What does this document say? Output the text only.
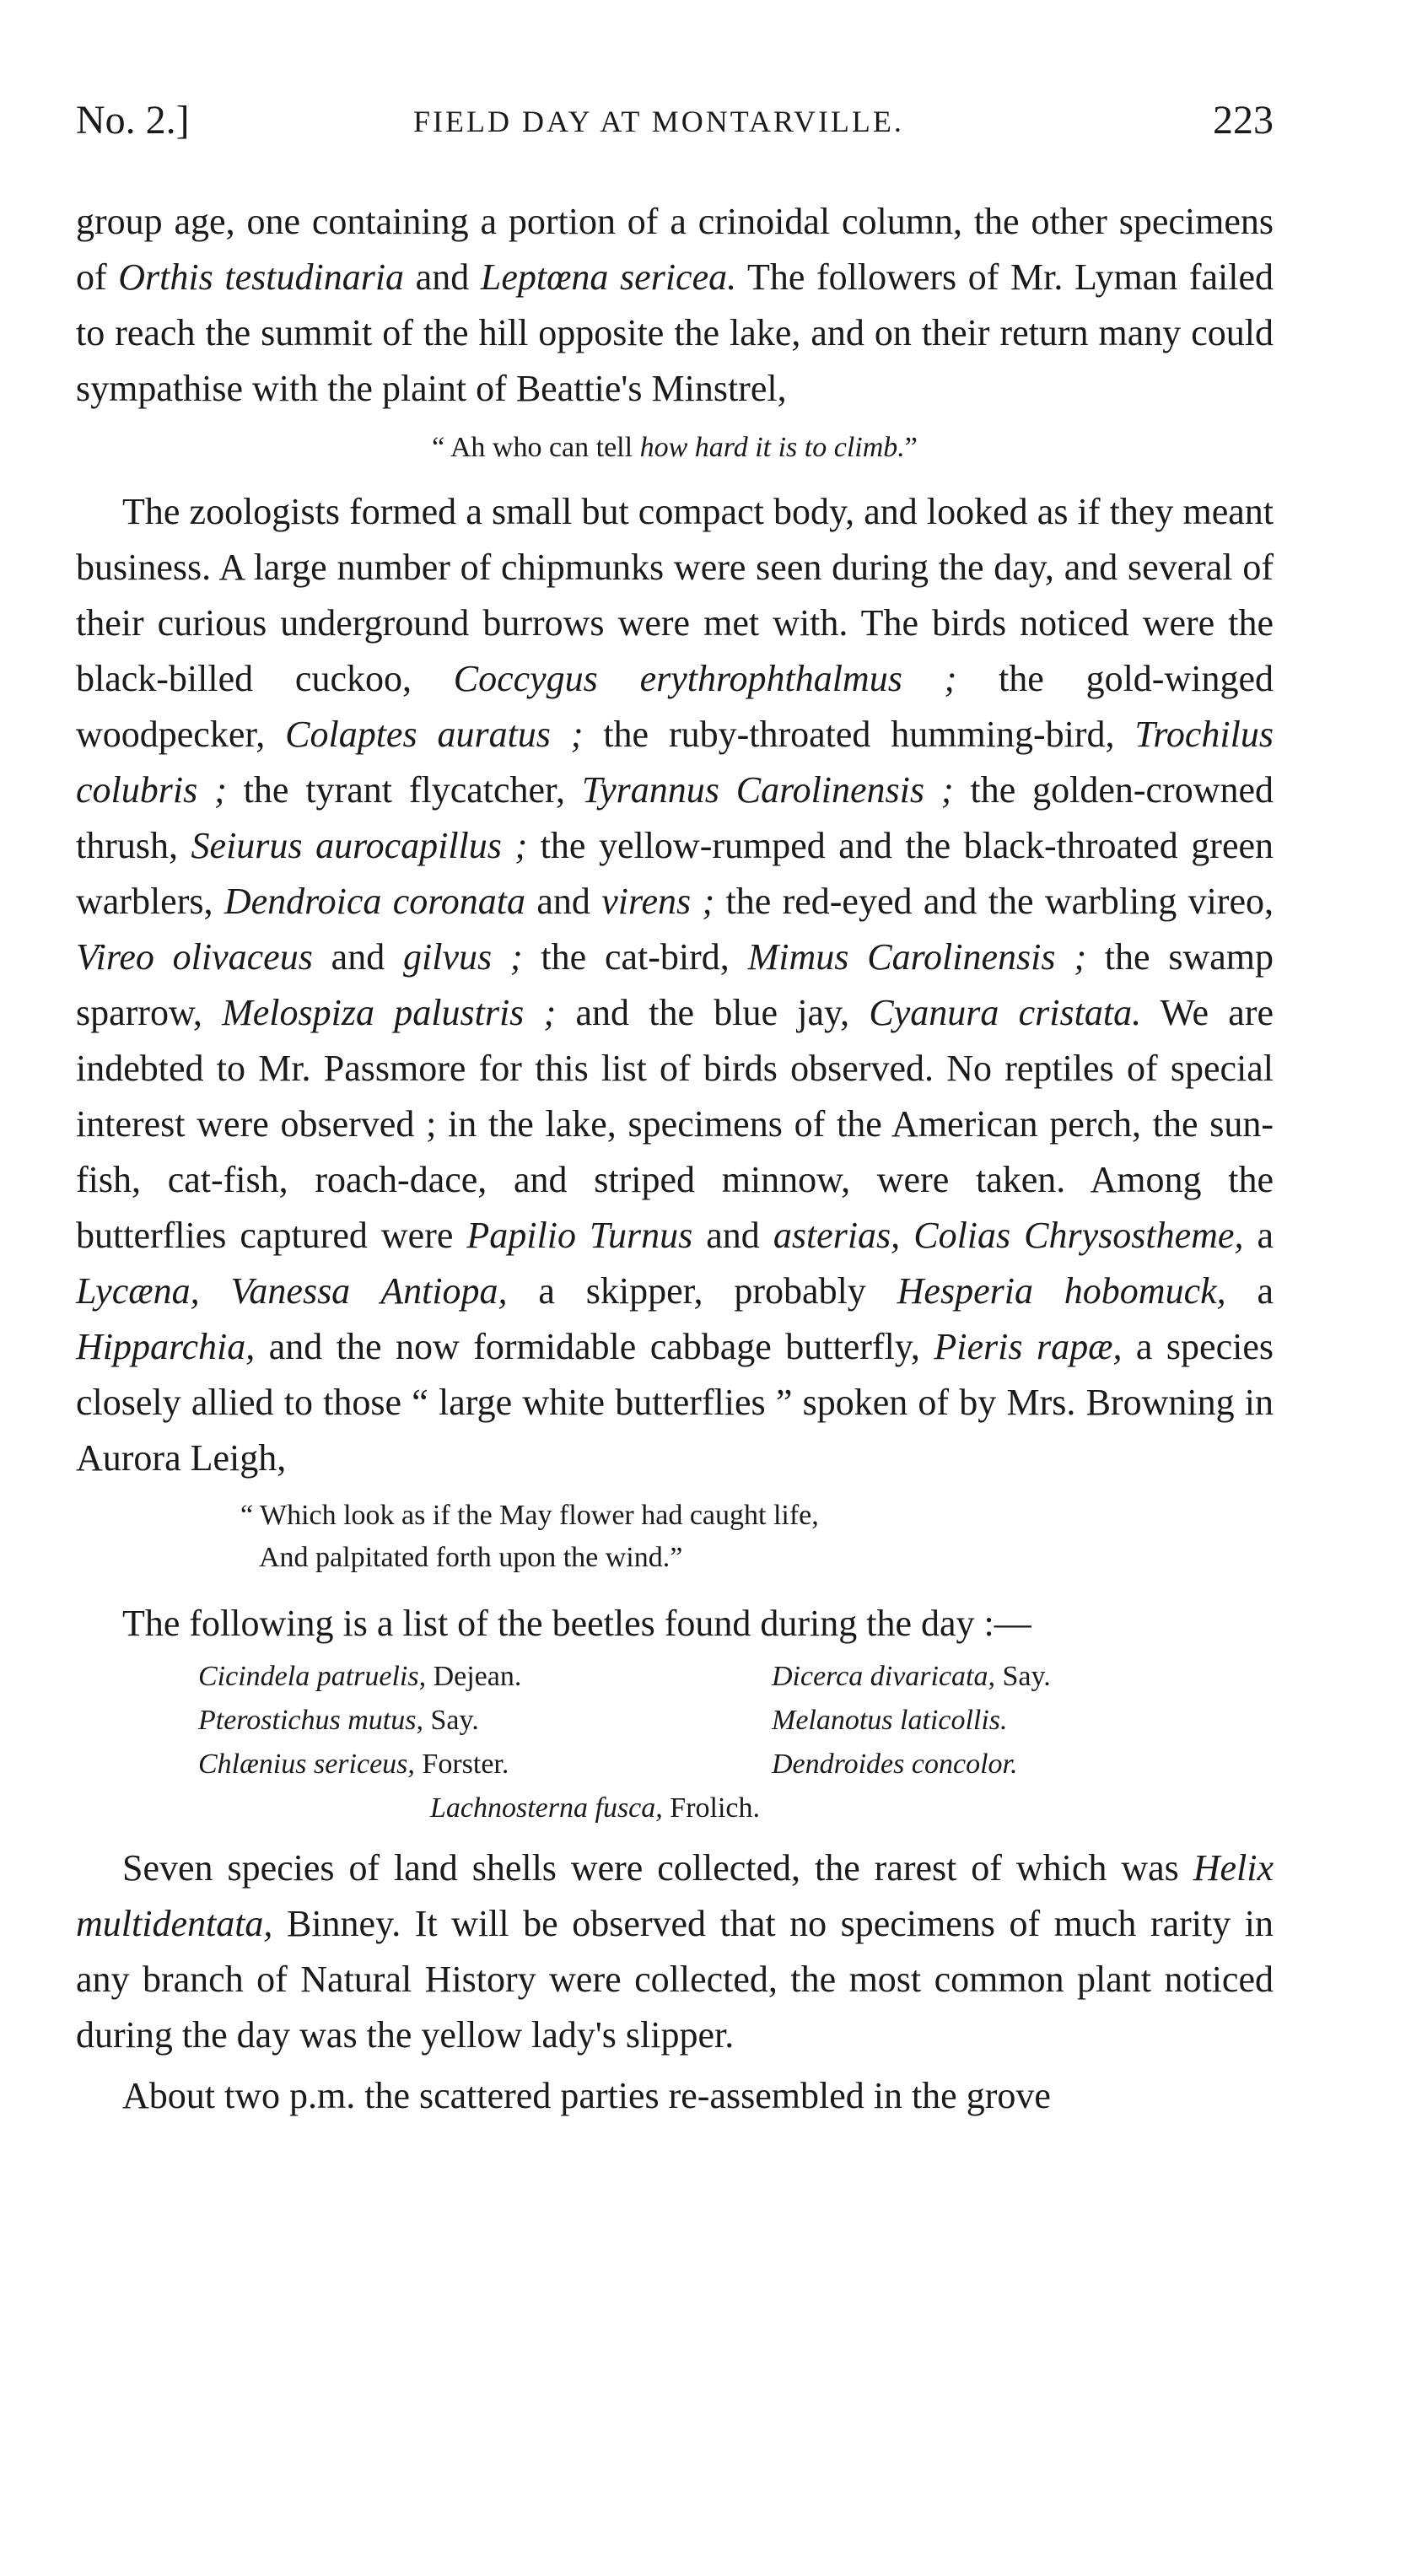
No. 2.]	FIELD DAY AT MONTARVILLE.	223

group age, one containing a portion of a crinoidal column, the other specimens of Orthis testudinaria and Leptœna sericea. The followers of Mr. Lyman failed to reach the summit of the hill opposite the lake, and on their return many could sympathise with the plaint of Beattie's Minstrel,

“ Ah who can tell how hard it is to climb.”

The zoologists formed a small but compact body, and looked as if they meant business. A large number of chipmunks were seen during the day, and several of their curious underground burrows were met with. The birds noticed were the black-billed cuckoo, Coccygus erythrophthalmus ; the gold-winged woodpecker, Colaptes auratus ; the ruby-throated humming-bird, Trochilus colubris ; the tyrant flycatcher, Tyrannus Carolinensis ; the golden-crowned thrush, Seiurus aurocapillus ; the yellow-rumped and the black-throated green warblers, Dendroica coronata and virens ; the red-eyed and the warbling vireo, Vireo olivaceus and gilvus ; the cat-bird, Mimus Carolinensis ; the swamp sparrow, Melospiza palustris ; and the blue jay, Cyanura cristata. We are indebted to Mr. Passmore for this list of birds observed. No reptiles of special interest were observed ; in the lake, specimens of the American perch, the sun-fish, cat-fish, roach-dace, and striped minnow, were taken. Among the butterflies captured were Papilio Turnus and asterias, Colias Chrysostheme, a Lycæna, Vanessa Antiopa, a skipper, probably Hesperia hobomuck, a Hipparchia, and the now formidable cabbage butterfly, Pieris rapæ, a species closely allied to those “ large white butterflies ” spoken of by Mrs. Browning in Aurora Leigh,

“ Which look as if the May flower had caught life,
And palpitated forth upon the wind.”

The following is a list of the beetles found during the day :—

Cicindela patruelis, Dejean.	Dicerca divaricata, Say.
Pterostichus mutus, Say.	Melanotus laticollis.
Chlænius sericeus, Forster.	Dendroides concolor.
Lachnosterna fusca, Frolich.

Seven species of land shells were collected, the rarest of which was Helix multidentata, Binney. It will be observed that no specimens of much rarity in any branch of Natural History were collected, the most common plant noticed during the day was the yellow lady's slipper.

About two p.m. the scattered parties re-assembled in the grove
